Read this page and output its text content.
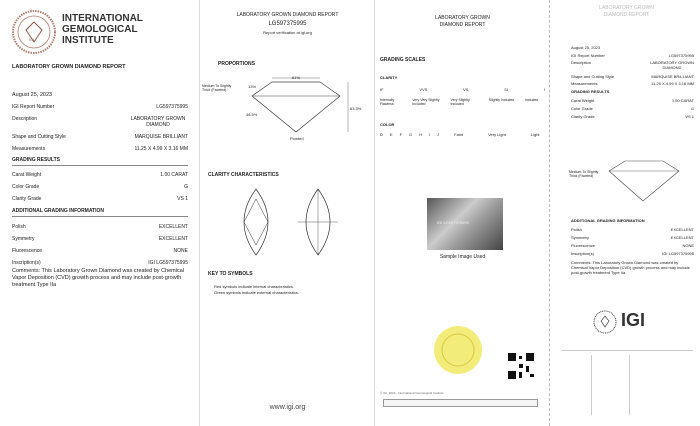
IGI
INTERNATIONAL
GEMOLOGICAL
INSTITUTE
LABORATORY GROWN DIAMOND REPORT
August 25, 2023
IGI Report Number	LG597375995
Description	LABORATORY GROWN DIAMOND
Shape and Cutting Style	MARQUISE BRILLIANT
Measurements	11.25 X 4.99 X 3.16 MM
GRADING RESULTS
Carat Weight	1.00 CARAT
Color Grade	G
Clarity Grade	VS 1
ADDITIONAL GRADING INFORMATION
Polish	EXCELLENT
Symmetry	EXCELLENT
Fluorescence	NONE
Inscription(s)	IGI LG597375995
Comments: This Laboratory Grown Diamond was created by Chemical Vapor Deposition (CVD) growth process and may include post-growth treatment Type IIa
LABORATORY GROWN DIAMOND REPORT
LG597375995
Report verification at igi.org
PROPORTIONS
61%
13%
46.5%
63.3%
Medium To Slightly Thick (Faceted)
Pointed
CLARITY CHARACTERISTICS
KEY TO SYMBOLS
Red symbols indicate internal characteristics.
Green symbols indicate external characteristics.
www.igi.org
LABORATORY GROWN
DIAMOND REPORT
GRADING SCALES
CLARITY
IF	VVS	VS	SI	I
Internally Flawless
Very Very Slightly Included
Very Slightly Included
Slightly Included	Included
COLOR
D E F G H I J	Faint	Very Light	Light
IGI LG597375995
Sample Image Used
© IGI, 2023 - International Gemological Institute
LABORATORY GROWN
DIAMOND REPORT
August 25, 2023
IGI Report Number	LG597375995
Description	LABORATORY GROWN DIAMOND
Shape and Cutting Style	MARQUISE BRILLIANT
Measurements	11.25 X 4.99 X 3.16 MM
GRADING RESULTS
Carat Weight	1.00 CARAT
Color Grade	G
Clarity Grade	VS 1
Medium To Slightly Thick (Faceted)
ADDITIONAL GRADING INFORMATION
Polish	EXCELLENT
Symmetry	EXCELLENT
Fluorescence	NONE
Inscription(s)	IGI LG597375995
Comments: This Laboratory Grown Diamond was created by Chemical Vapor Deposition (CVD) growth process and may include post-growth treatment Type IIa
IGI
